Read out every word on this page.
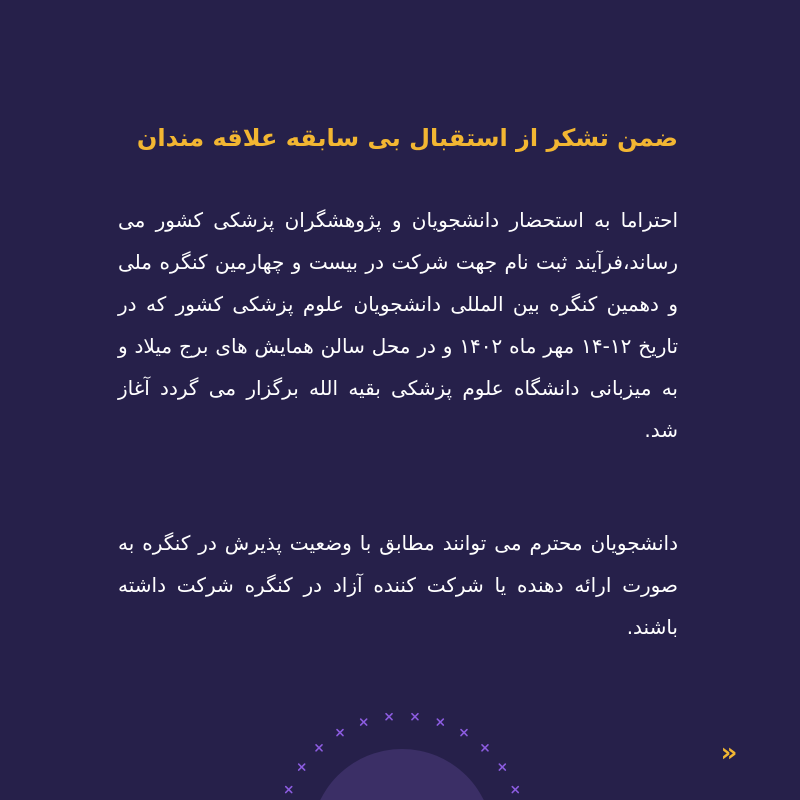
ضمن تشکر از استقبال بی سابقه علاقه مندان

احتراما به استحضار دانشجویان و پژوهشگران پزشکی کشور می رساند،فرآیند ثبت نام جهت شرکت در بیست و چهارمین کنگره ملی و دهمین کنگره بین المللی دانشجویان علوم پزشکی کشور که در تاریخ ۱۲-۱۴ مهر ماه ۱۴۰۲ و در محل سالن همایش های برج میلاد و به میزبانی دانشگاه علوم پزشکی بقیه الله برگزار می گردد آغاز شد.

دانشجویان محترم می توانند مطابق با وضعیت پذیرش در کنگره به صورت ارائه دهنده یا شرکت کننده آزاد در کنگره شرکت داشته باشند.

»
